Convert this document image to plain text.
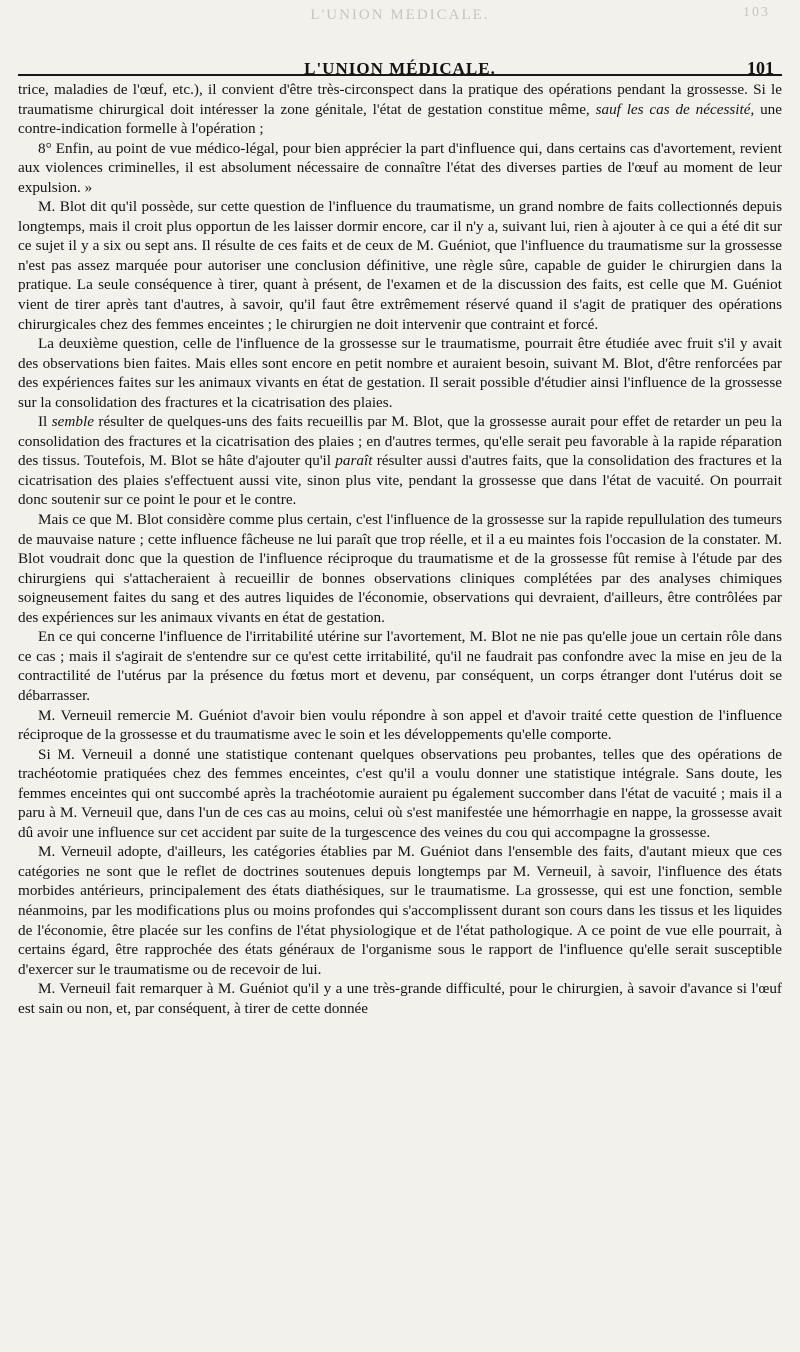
L'UNION MÉDICALE.	103
L'UNION MÉDICALE.	101

trice, maladies de l'œuf, etc.), il convient d'être très-circonspect dans la pratique des opérations pendant la grossesse. Si le traumatisme chirurgical doit intéresser la zone génitale, l'état de gestation constitue même, sauf les cas de nécessité, une contre-indication formelle à l'opération ;

8° Enfin, au point de vue médico-légal, pour bien apprécier la part d'influence qui, dans certains cas d'avortement, revient aux violences criminelles, il est absolument nécessaire de connaître l'état des diverses parties de l'œuf au moment de leur expulsion. »

M. Blot dit qu'il possède, sur cette question de l'influence du traumatisme, un grand nombre de faits collectionnés depuis longtemps, mais il croit plus opportun de les laisser dormir encore, car il n'y a, suivant lui, rien à ajouter à ce qui a été dit sur ce sujet il y a six ou sept ans. Il résulte de ces faits et de ceux de M. Guéniot, que l'influence du traumatisme sur la grossesse n'est pas assez marquée pour autoriser une conclusion définitive, une règle sûre, capable de guider le chirurgien dans la pratique. La seule conséquence à tirer, quant à présent, de l'examen et de la discussion des faits, est celle que M. Guéniot vient de tirer après tant d'autres, à savoir, qu'il faut être extrêmement réservé quand il s'agit de pratiquer des opérations chirurgicales chez des femmes enceintes ; le chirurgien ne doit intervenir que contraint et forcé.

La deuxième question, celle de l'influence de la grossesse sur le traumatisme, pourrait être étudiée avec fruit s'il y avait des observations bien faites. Mais elles sont encore en petit nombre et auraient besoin, suivant M. Blot, d'être renforcées par des expériences faites sur les animaux vivants en état de gestation. Il serait possible d'étudier ainsi l'influence de la grossesse sur la consolidation des fractures et la cicatrisation des plaies.

Il semble résulter de quelques-uns des faits recueillis par M. Blot, que la grossesse aurait pour effet de retarder un peu la consolidation des fractures et la cicatrisation des plaies ; en d'autres termes, qu'elle serait peu favorable à la rapide réparation des tissus. Toutefois, M. Blot se hâte d'ajouter qu'il paraît résulter aussi d'autres faits, que la consolidation des fractures et la cicatrisation des plaies s'effectuent aussi vite, sinon plus vite, pendant la grossesse que dans l'état de vacuité. On pourrait donc soutenir sur ce point le pour et le contre.

Mais ce que M. Blot considère comme plus certain, c'est l'influence de la grossesse sur la rapide repullulation des tumeurs de mauvaise nature ; cette influence fâcheuse ne lui paraît que trop réelle, et il a eu maintes fois l'occasion de la constater. M. Blot voudrait donc que la question de l'influence réciproque du traumatisme et de la grossesse fût remise à l'étude par des chirurgiens qui s'attacheraient à recueillir de bonnes observations cliniques complétées par des analyses chimiques soigneusement faites du sang et des autres liquides de l'économie, observations qui devraient, d'ailleurs, être contrôlées par des expériences sur les animaux vivants en état de gestation.

En ce qui concerne l'influence de l'irritabilité utérine sur l'avortement, M. Blot ne nie pas qu'elle joue un certain rôle dans ce cas ; mais il s'agirait de s'entendre sur ce qu'est cette irritabilité, qu'il ne faudrait pas confondre avec la mise en jeu de la contractilité de l'utérus par la présence du fœtus mort et devenu, par conséquent, un corps étranger dont l'utérus doit se débarrasser.

M. Verneuil remercie M. Guéniot d'avoir bien voulu répondre à son appel et d'avoir traité cette question de l'influence réciproque de la grossesse et du traumatisme avec le soin et les développements qu'elle comporte.

Si M. Verneuil a donné une statistique contenant quelques observations peu probantes, telles que des opérations de trachéotomie pratiquées chez des femmes enceintes, c'est qu'il a voulu donner une statistique intégrale. Sans doute, les femmes enceintes qui ont succombé après la trachéotomie auraient pu également succomber dans l'état de vacuité ; mais il a paru à M. Verneuil que, dans l'un de ces cas au moins, celui où s'est manifestée une hémorrhagie en nappe, la grossesse avait dû avoir une influence sur cet accident par suite de la turgescence des veines du cou qui accompagne la grossesse.

M. Verneuil adopte, d'ailleurs, les catégories établies par M. Guéniot dans l'ensemble des faits, d'autant mieux que ces catégories ne sont que le reflet de doctrines soutenues depuis longtemps par M. Verneuil, à savoir, l'influence des états morbides antérieurs, principalement des états diathésiques, sur le traumatisme. La grossesse, qui est une fonction, semble néanmoins, par les modifications plus ou moins profondes qui s'accomplissent durant son cours dans les tissus et les liquides de l'économie, être placée sur les confins de l'état physiologique et de l'état pathologique. A ce point de vue elle pourrait, à certains égard, être rapprochée des états généraux de l'organisme sous le rapport de l'influence qu'elle serait susceptible d'exercer sur le traumatisme ou de recevoir de lui.

M. Verneuil fait remarquer à M. Guéniot qu'il y a une très-grande difficulté, pour le chirurgien, à savoir d'avance si l'œuf est sain ou non, et, par conséquent, à tirer de cette donnée
